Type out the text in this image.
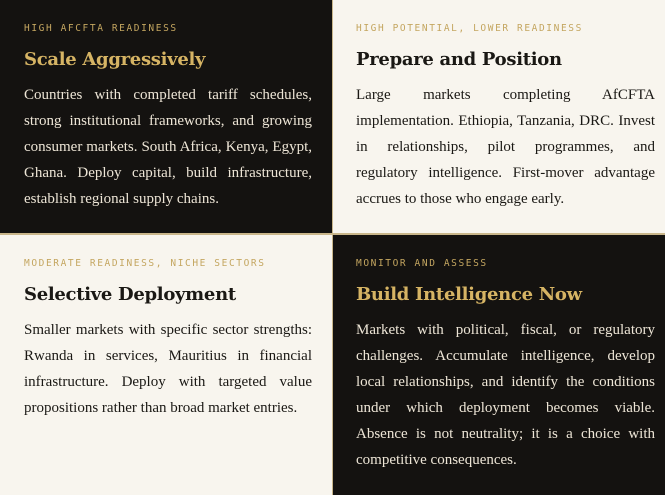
HIGH AFCFTA READINESS
Scale Aggressively

Countries with completed tariff schedules, strong institutional frameworks, and growing consumer markets. South Africa, Kenya, Egypt, Ghana. Deploy capital, build infrastructure, establish regional supply chains.

HIGH POTENTIAL, LOWER READINESS
Prepare and Position

Large markets completing AfCFTA implementation. Ethiopia, Tanzania, DRC. Invest in relationships, pilot programmes, and regulatory intelligence. First-mover advantage accrues to those who engage early.

MODERATE READINESS, NICHE SECTORS
Selective Deployment

Smaller markets with specific sector strengths: Rwanda in services, Mauritius in financial infrastructure. Deploy with targeted value propositions rather than broad market entries.

MONITOR AND ASSESS
Build Intelligence Now

Markets with political, fiscal, or regulatory challenges. Accumulate intelligence, develop local relationships, and identify the conditions under which deployment becomes viable. Absence is not neutrality; it is a choice with competitive consequences.
